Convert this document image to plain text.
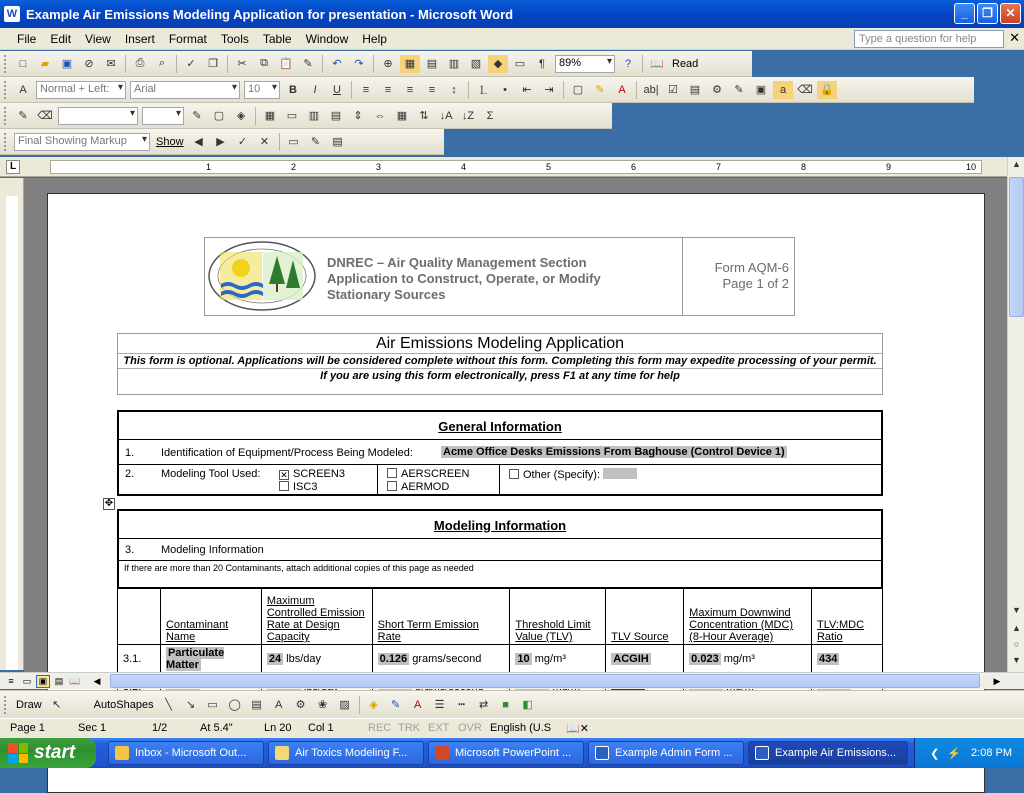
W Example Air Emissions Modeling Application for presentation - Microsoft Word	_	❐	✕
File	Edit	View	Insert	Format	Tools	Table	Window	Help	Type a question for help	✕
□	▰	▣	⊘	✉	⎙	⌕	✓	❐	✂	⧉	📋 ✎	↶	↷	⊕	▦	▤	▥	▧	◆	▭	¶	89% ▾	?	📖 Read
A	Normal + Left: ▾	Arial ▾	10 ▾	B	I	U	≡	≡	≡	≡	↕	⒈	•	⇤	⇥	▢	✎	A	ab| ☑	▤	⚙	✎	▣	a	⌫ 🔒
✎ ⌫ ▾ ▾	✎	▢	◈	▦	▭	▥	▤	⇕	⇔	▦	⇅ ↓A ↓Z	Σ
Final Showing Markup ▾	Show ◀	▶	✓	✕	▭	✎	▤
L	1	2	3	4	5	6	7	8	9	10
DNREC – Air Quality Management Section
Application to Construct, Operate, or Modify
Stationary Sources
Form AQM-6
Page 1 of 2
Air Emissions Modeling Application
This form is optional. Applications will be considered complete without this form. Completing this form may expedite processing of your permit.
If you are using this form electronically, press F1 at any time for help
General Information
1. Identification of Equipment/Process Being Modeled:	Acme Office Desks Emissions From Baghouse (Control Device 1)
2. Modeling Tool Used: ✕ SCREEN3
ISC3
AERSCREEN
AERMOD
Other (Specify):
✥
Modeling Information
3. Modeling Information
If there are more than 20 Contaminants, attach additional copies of this page as needed
	Contaminant Name	Maximum Controlled Emission Rate at Design Capacity	Short Term Emission Rate	Threshold Limit Value (TLV)	TLV Source	Maximum Downwind Concentration (MDC) (8-Hour Average)	TLV:MDC Ratio
3.1.	Particulate Matter	24 lbs/day	0.126 grams/second	10 mg/m³	ACGIH	0.023 mg/m³	434

▲
▼
▲
○
▼
≡	▭ ▣ ▤ 📖	◀	▶
Draw ↖	AutoShapes	╲	↘	▭ ◯ ▤	A	⚙	❀	▨	◈	✎	A	☰	┅	⇄	■	◧
Page 1	Sec 1	1/2	At 5.4"	Ln 20 Col 1	REC TRK EXT OVR English (U.S 📖✕
start	Inbox - Microsoft Out...	Air Toxics Modeling F...	Microsoft PowerPoint ...	Example Admin Form ...	Example Air Emissions...	❮ ⚡ 2:08 PM
